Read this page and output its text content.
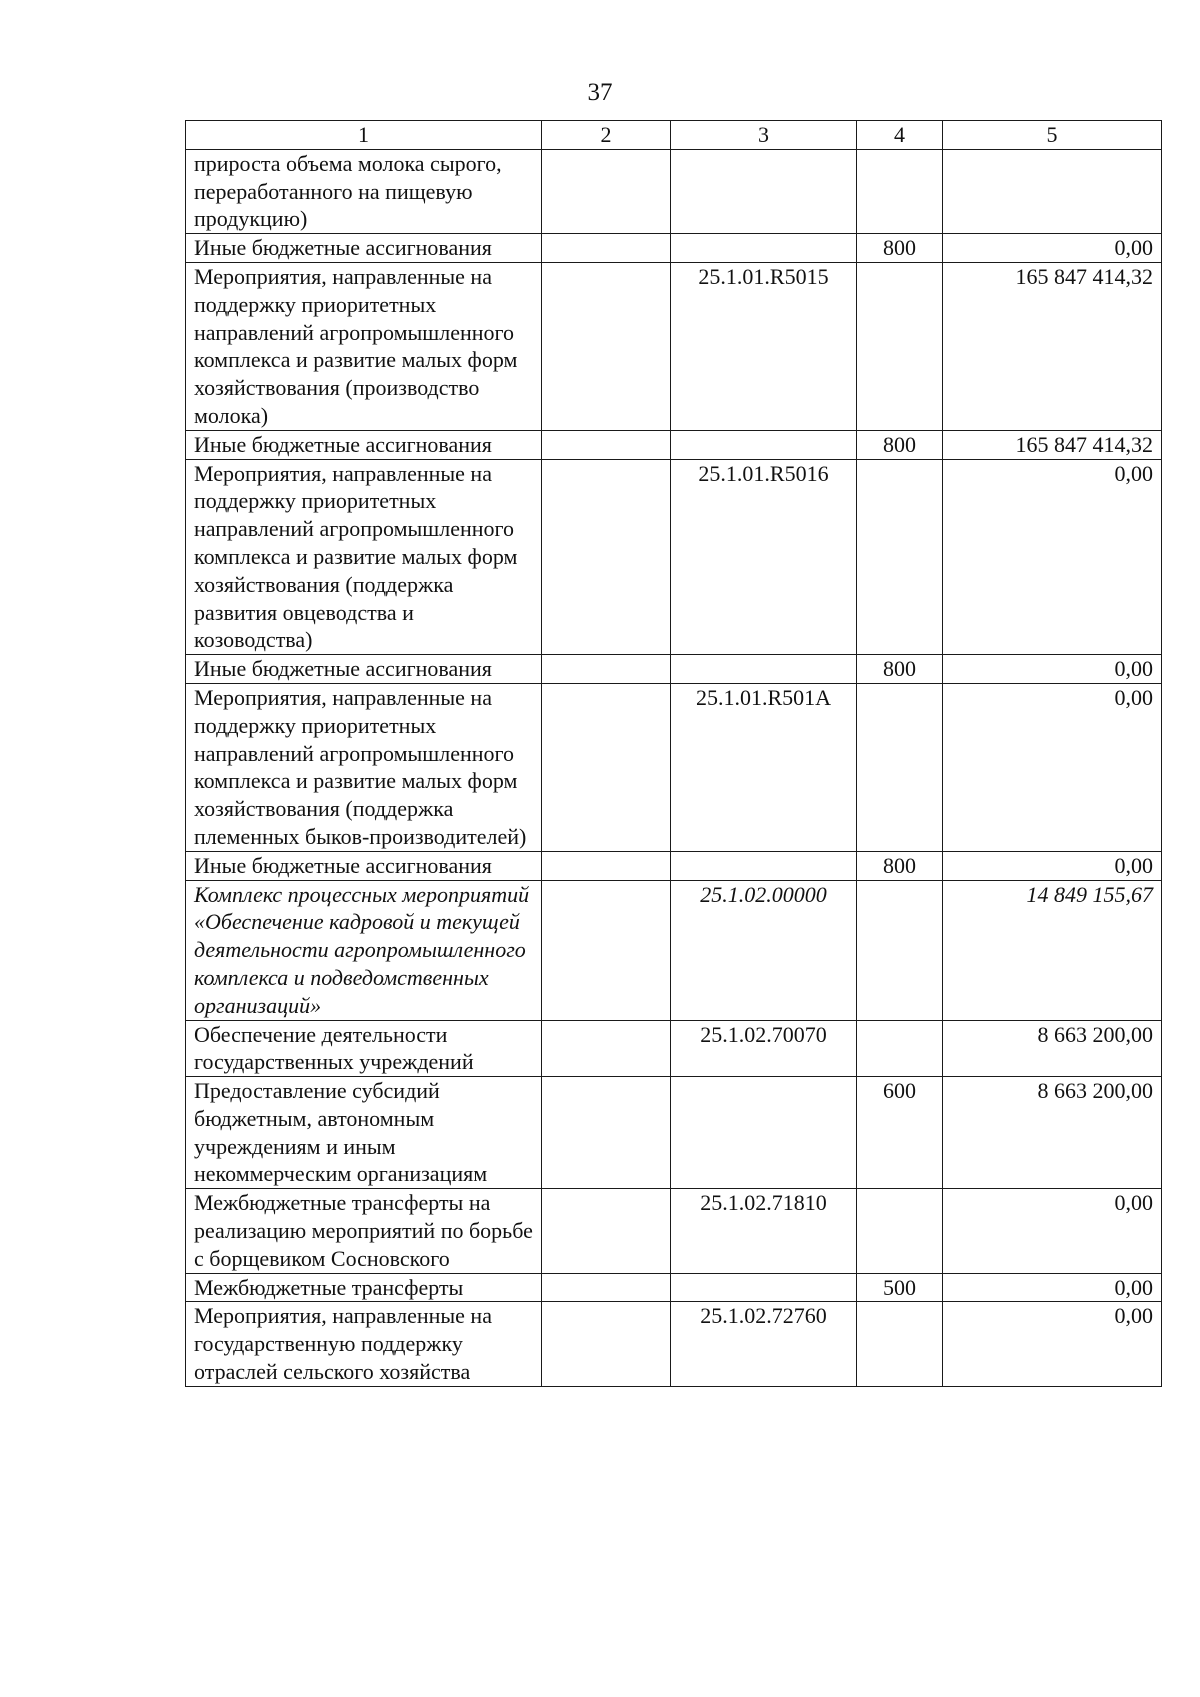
37
1	2	3	4	5
прироста объема молока сырого, переработанного на пищевую продукцию)				
Иные бюджетные ассигнования			800	0,00
Мероприятия, направленные на поддержку приоритетных направлений агропромышленного комплекса и развитие малых форм хозяйствования (производство молока)		25.1.01.R5015		165 847 414,32
Иные бюджетные ассигнования			800	165 847 414,32
Мероприятия, направленные на поддержку приоритетных направлений агропромышленного комплекса и развитие малых форм хозяйствования (поддержка развития овцеводства и козоводства)		25.1.01.R5016		0,00
Иные бюджетные ассигнования			800	0,00
Мероприятия, направленные на поддержку приоритетных направлений агропромышленного комплекса и развитие малых форм хозяйствования (поддержка племенных быков-производителей)		25.1.01.R501A		0,00
Иные бюджетные ассигнования			800	0,00
Комплекс процессных мероприятий «Обеспечение кадровой и текущей деятельности агропромышленного комплекса и подведомственных организаций»		25.1.02.00000		14 849 155,67
Обеспечение деятельности государственных учреждений		25.1.02.70070		8 663 200,00
Предоставление субсидий бюджетным, автономным учреждениям и иным некоммерческим организациям			600	8 663 200,00
Межбюджетные трансферты на реализацию мероприятий по борьбе с борщевиком Сосновского		25.1.02.71810		0,00
Межбюджетные трансферты			500	0,00
Мероприятия, направленные на государственную поддержку отраслей сельского хозяйства		25.1.02.72760		0,00
